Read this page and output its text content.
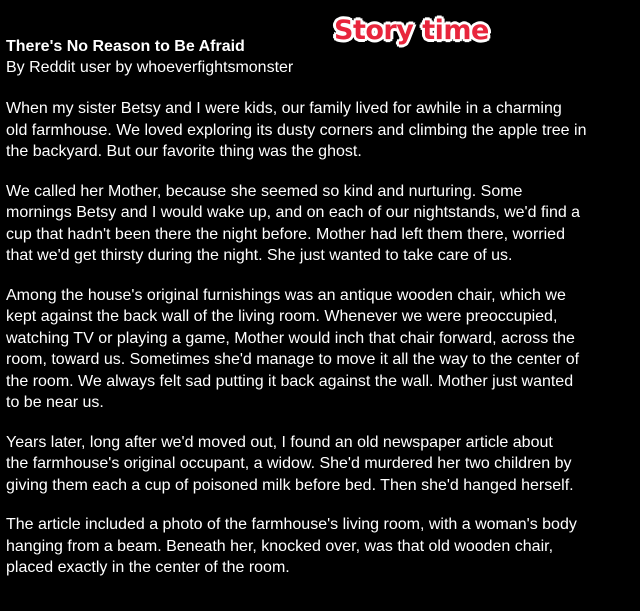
Story time

There's No Reason to Be Afraid

By Reddit user by whoeverfightsmonster

When my sister Betsy and I were kids, our family lived for awhile in a charming
old farmhouse. We loved exploring its dusty corners and climbing the apple tree in
the backyard. But our favorite thing was the ghost.

We called her Mother, because she seemed so kind and nurturing. Some
mornings Betsy and I would wake up, and on each of our nightstands, we'd find a
cup that hadn't been there the night before. Mother had left them there, worried
that we'd get thirsty during the night. She just wanted to take care of us.

Among the house's original furnishings was an antique wooden chair, which we
kept against the back wall of the living room. Whenever we were preoccupied,
watching TV or playing a game, Mother would inch that chair forward, across the
room, toward us. Sometimes she'd manage to move it all the way to the center of
the room. We always felt sad putting it back against the wall. Mother just wanted
to be near us.

Years later, long after we'd moved out, I found an old newspaper article about
the farmhouse's original occupant, a widow. She'd murdered her two children by
giving them each a cup of poisoned milk before bed. Then she'd hanged herself.

The article included a photo of the farmhouse's living room, with a woman's body
hanging from a beam. Beneath her, knocked over, was that old wooden chair,
placed exactly in the center of the room.
